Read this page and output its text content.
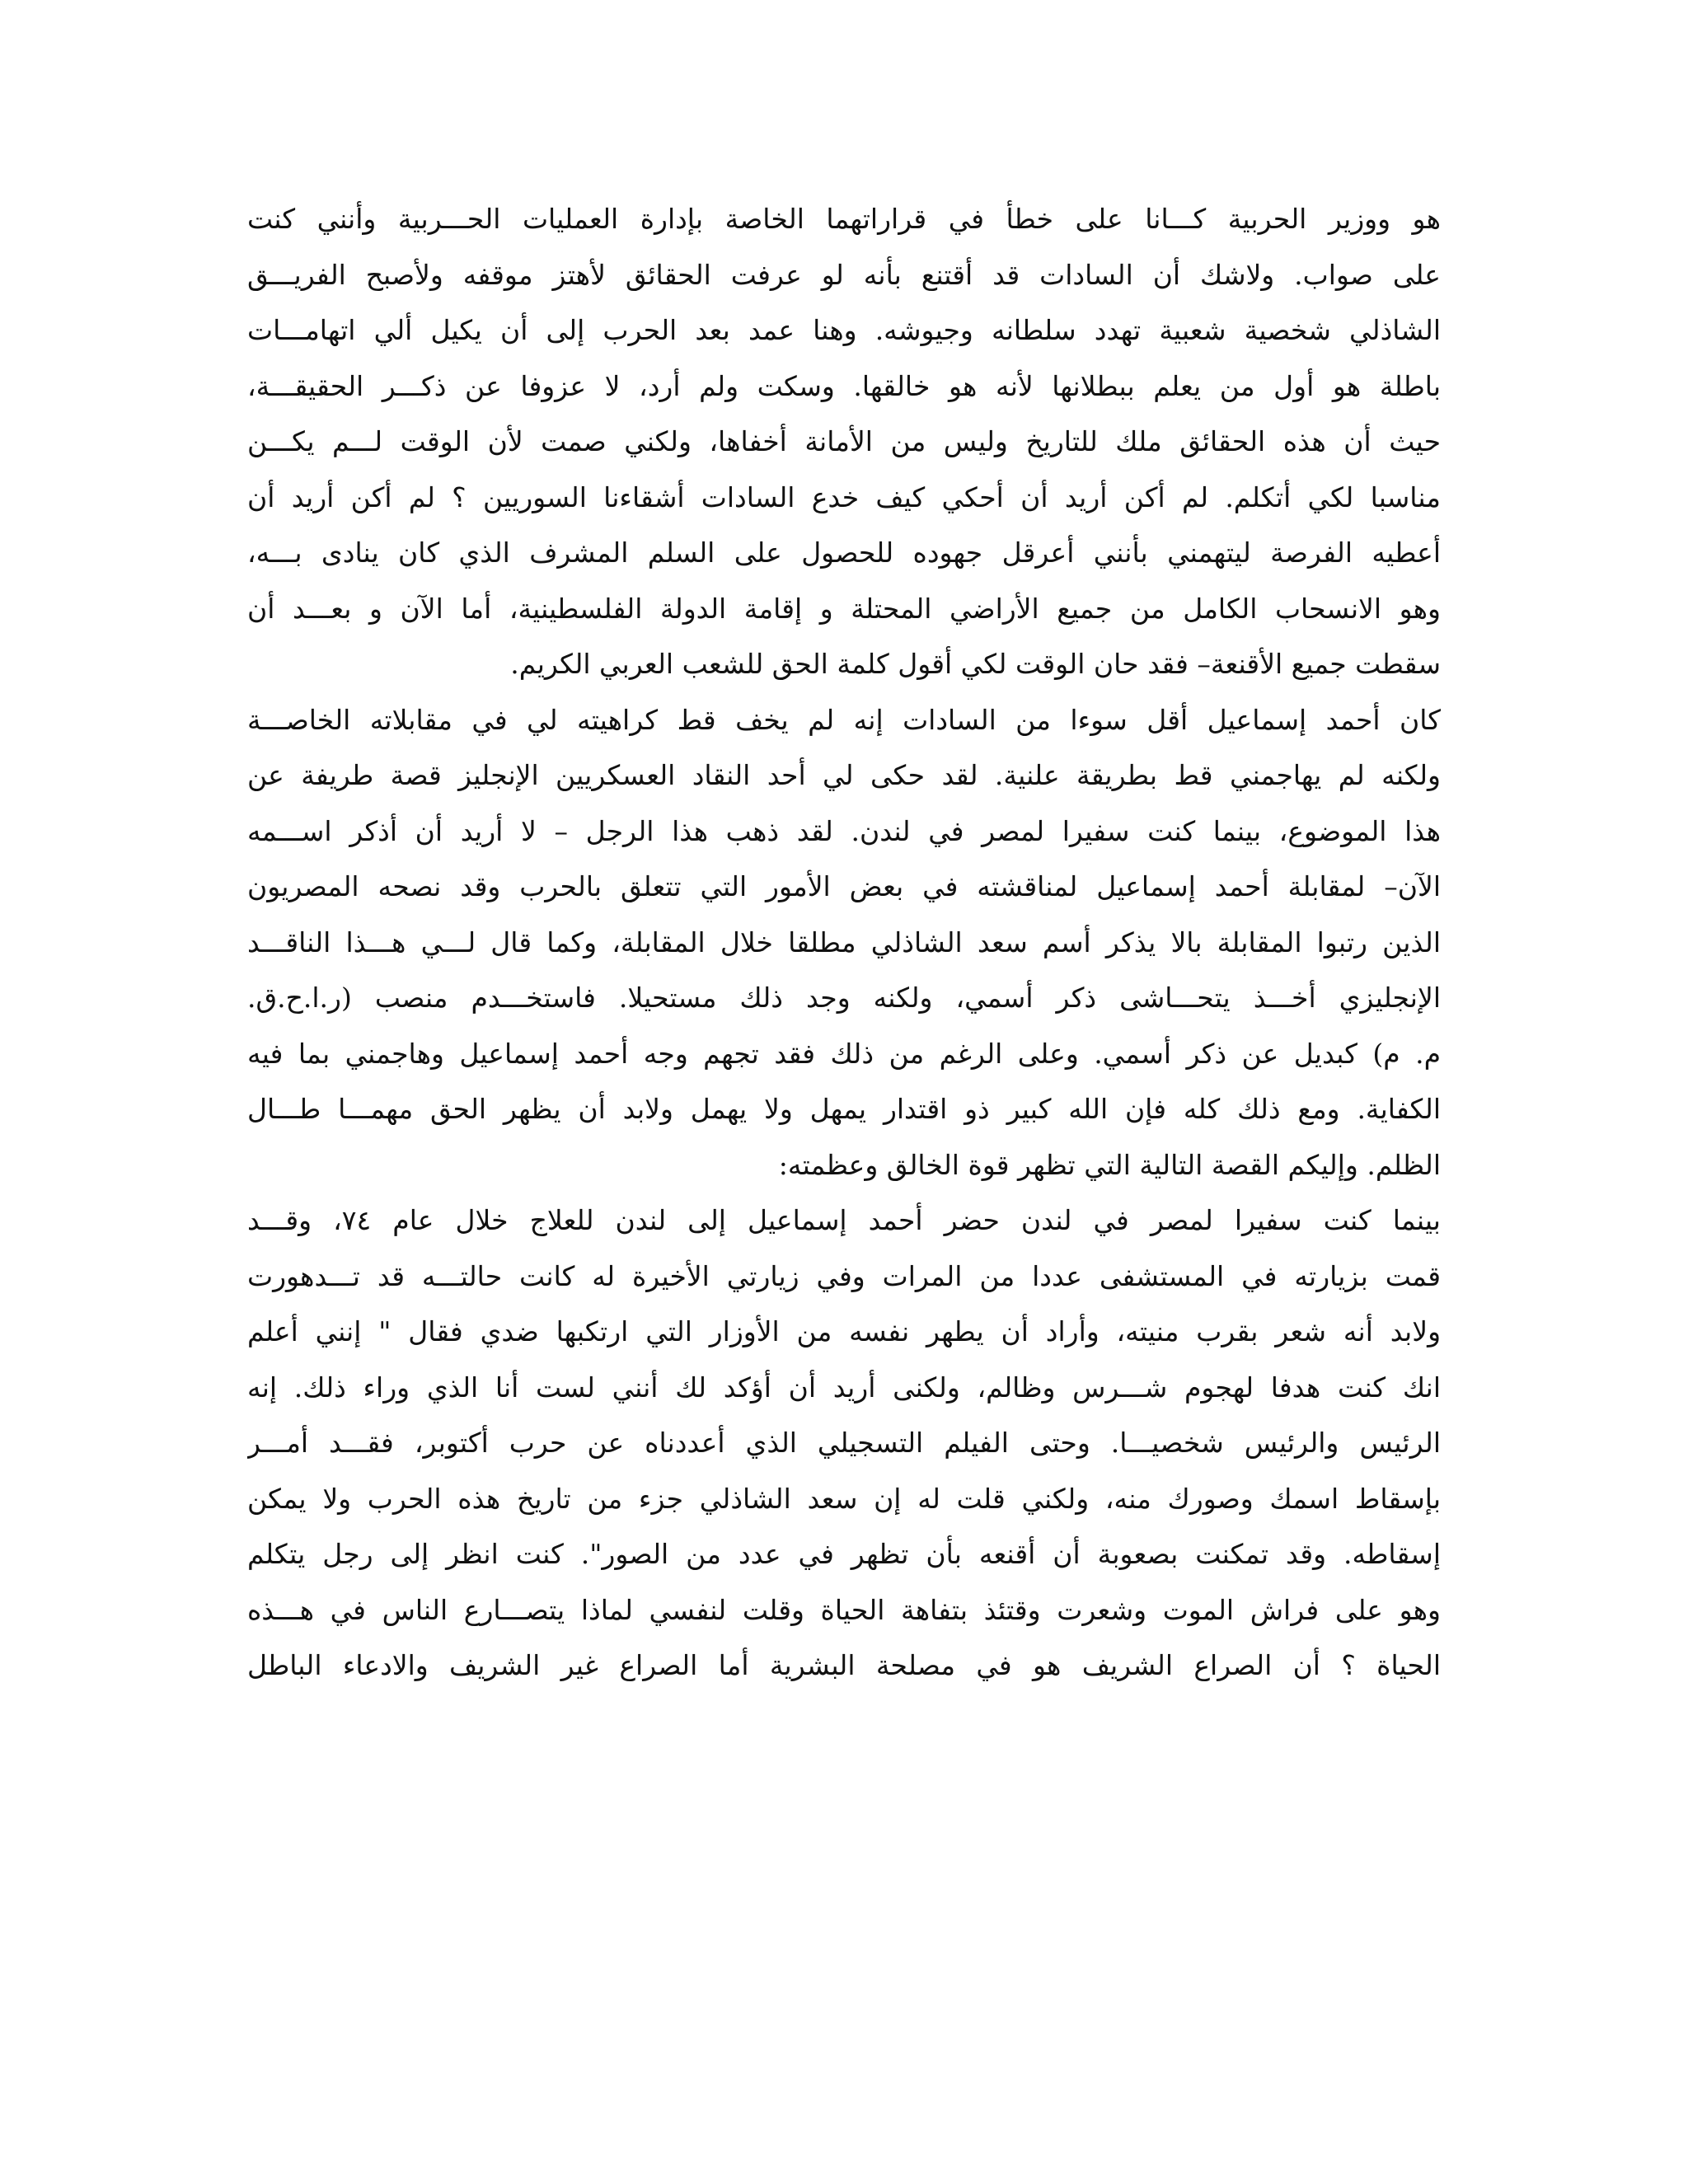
هو ووزير الحربية كـــانا على خطأ في قراراتهما الخاصة بإدارة العمليات الحـــربية وأنني كنت
على صواب. ولاشك أن السادات قد أقتنع بأنه لو عرفت الحقائق لأهتز موقفه ولأصبح الفريـــق
الشاذلي شخصية شعبية تهدد سلطانه وجيوشه. وهنا عمد بعد الحرب إلى أن يكيل ألي اتهامـــات
باطلة هو أول من يعلم ببطلانها لأنه هو خالقها. وسكت ولم أرد، لا عزوفا عن ذكـــر الحقيقـــة،
حيث أن هذه الحقائق ملك للتاريخ وليس من الأمانة أخفاها، ولكني صمت لأن الوقت لـــم يكـــن
مناسبا لكي أتكلم. لم أكن أريد أن أحكي كيف خدع السادات أشقاءنا السوريين ؟ لم أكن أريد أن
أعطيه الفرصة ليتهمني بأنني أعرقل جهوده للحصول على السلم المشرف الذي كان ينادى بـــه،
وهو الانسحاب الكامل من جميع الأراضي المحتلة و إقامة الدولة الفلسطينية، أما الآن و بعـــد أن
سقطت جميع الأقنعة– فقد حان الوقت لكي أقول كلمة الحق للشعب العربي الكريم.
كان أحمد إسماعيل أقل سوءا من السادات إنه لم يخف قط كراهيته لي في مقابلاته الخاصـــة
ولكنه لم يهاجمني قط بطريقة علنية. لقد حكى لي أحد النقاد العسكريين الإنجليز قصة طريفة عن
هذا الموضوع، بينما كنت سفيرا لمصر في لندن. لقد ذهب هذا الرجل – لا أريد أن أذكر اســـمه
الآن– لمقابلة أحمد إسماعيل لمناقشته في بعض الأمور التي تتعلق بالحرب وقد نصحه المصريون
الذين رتبوا المقابلة بالا يذكر أسم سعد الشاذلي مطلقا خلال المقابلة، وكما قال لـــي هـــذا الناقـــد
الإنجليزي أخـــذ يتحـــاشى ذكر أسمي، ولكنه وجد ذلك مستحيلا. فاستخـــدم منصب (ر.ا.ح.ق.
م. م) كبديل عن ذكر أسمي. وعلى الرغم من ذلك فقد تجهم وجه أحمد إسماعيل وهاجمني بما فيه
الكفاية. ومع ذلك كله فإن الله كبير ذو اقتدار يمهل ولا يهمل ولابد أن يظهر الحق مهمـــا طـــال
الظلم. وإليكم القصة التالية التي تظهر قوة الخالق وعظمته:
بينما كنت سفيرا لمصر في لندن حضر أحمد إسماعيل إلى لندن للعلاج خلال عام ٧٤، وقـــد
قمت بزيارته في المستشفى عددا من المرات وفي زيارتي الأخيرة له كانت حالتـــه قد تـــدهورت
ولابد أنه شعر بقرب منيته، وأراد أن يطهر نفسه من الأوزار التي ارتكبها ضدي فقال " إنني أعلم
انك كنت هدفا لهجوم شـــرس وظالم، ولكنى أريد أن أؤكد لك أنني لست أنا الذي وراء ذلك. إنه
الرئيس والرئيس شخصيـــا. وحتى الفيلم التسجيلي الذي أعددناه عن حرب أكتوبر، فقـــد أمـــر
بإسقاط اسمك وصورك منه، ولكني قلت له إن سعد الشاذلي جزء من تاريخ هذه الحرب ولا يمكن
إسقاطه. وقد تمكنت بصعوبة أن أقنعه بأن تظهر في عدد من الصور". كنت انظر إلى رجل يتكلم
وهو على فراش الموت وشعرت وقتئذ بتفاهة الحياة وقلت لنفسي لماذا يتصـــارع الناس في هـــذه
الحياة ؟ أن الصراع الشريف هو في مصلحة البشرية أما الصراع غير الشريف والادعاء الباطل
